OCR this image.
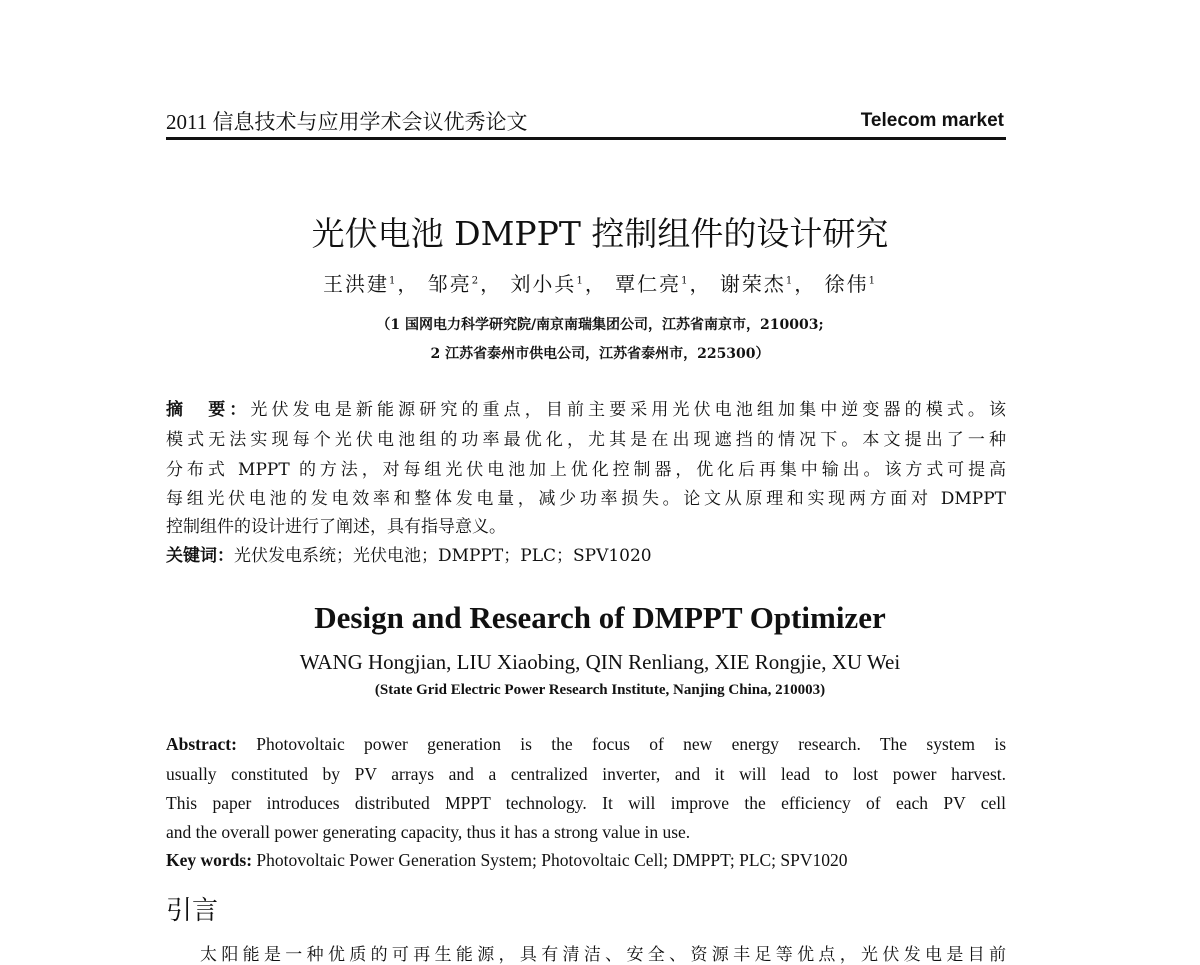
2011 信息技术与应用学术会议优秀论文	Telecom market
光伏电池 DMPPT 控制组件的设计研究
王洪建$^1$， 邹亮$^2$， 刘小兵$^1$， 覃仁亮$^1$， 谢荣杰$^1$， 徐伟$^1$
（1 国网电力科学研究院/南京南瑞集团公司，江苏省南京市，210003;
2 江苏省泰州市供电公司，江苏省泰州市，225300）
摘　要：光伏发电是新能源研究的重点，目前主要采用光伏电池组加集中逆变器的模式。该
模式无法实现每个光伏电池组的功率最优化，尤其是在出现遮挡的情况下。本文提出了一种
分布式 MPPT 的方法，对每组光伏电池加上优化控制器，优化后再集中输出。该方式可提高
每组光伏电池的发电效率和整体发电量，减少功率损失。论文从原理和实现两方面对 DMPPT
控制组件的设计进行了阐述，具有指导意义。
关键词：光伏发电系统；光伏电池；DMPPT；PLC；SPV1020
Design and Research of DMPPT Optimizer
WANG Hongjian, LIU Xiaobing, QIN Renliang, XIE Rongjie, XU Wei
(State Grid Electric Power Research Institute, Nanjing China, 210003)
Abstract: Photovoltaic power generation is the focus of new energy research. The system is
usually constituted by PV arrays and a centralized inverter, and it will lead to lost power harvest.
This paper introduces distributed MPPT technology. It will improve the efficiency of each PV cell
and the overall power generating capacity, thus it has a strong value in use.
Key words: Photovoltaic Power Generation System; Photovoltaic Cell; DMPPT; PLC; SPV1020
引言
太阳能是一种优质的可再生能源，具有清洁、安全、资源丰足等优点，光伏发电是目前
